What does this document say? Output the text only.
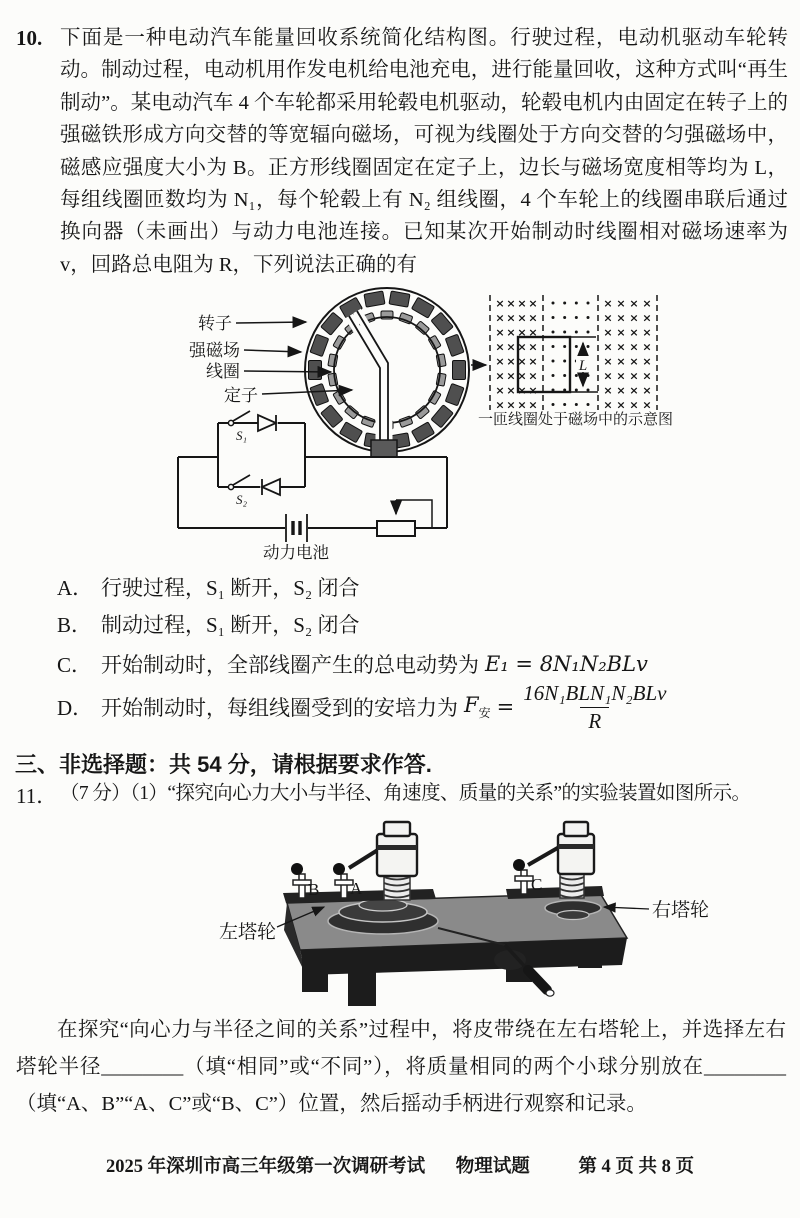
10. 下面是一种电动汽车能量回收系统简化结构图。行驶过程，电动机驱动车轮转动。制动过程，电动机用作发电机给电池充电，进行能量回收，这种方式叫“再生制动”。某电动汽车 4 个车轮都采用轮毂电机驱动，轮毂电机内由固定在转子上的强磁铁形成方向交替的等宽辐向磁场，可视为线圈处于方向交替的匀强磁场中，磁感应强度大小为 B。正方形线圈固定在定子上，边长与磁场宽度相等均为 L，每组线圈匝数均为 N₁，每个轮毂上有 N₂ 组线圈，4 个车轮上的线圈串联后通过换向器（未画出）与动力电池连接。已知某次开始制动时线圈相对磁场速率为 v，回路总电阻为 R，下列说法正确的有
转子
强磁场
线圈
定子
×
×
×
×
×
×
×
×
×
×
×
×
×
×
×
×
×
×
×
×
×
×
×
×
×
×
×
×
×
×
×
×
×
×
×
×
×
×
×
×
×
×
×
×
×
×
×
×
×
×
×
×
×
×
×
×
×
×
×
×
×
×
×
×
L
一匝线圈处于磁场中的示意图
S₁
S₂
动力电池
A． 行驶过程，S₁ 断开，S₂ 闭合
B． 制动过程，S₁ 断开，S₂ 闭合
C． 开始制动时，全部线圈产生的总电动势为 E₁ = 8N₁N₂BLv
D． 开始制动时，每组线圈受到的安培力为 $F_安 = \frac{\text{16N₁BLN₁N₂BLv}}{R}$
三、非选择题：共 54 分，请根据要求作答.
11． （7 分）（1）“探究向心力大小与半径、角速度、质量的关系”的实验装置如图所示。
B A	C
左塔轮
右塔轮
在探究“向心力与半径之间的关系”过程中，将皮带绕在左右塔轮上，并选择左右塔轮半径________（填“相同”或“不同”），将质量相同的两个小球分别放在________（填“A、B”“A、C”或“B、C”）位置，然后摇动手柄进行观察和记录。
2025 年深圳市高三年级第一次调研考试 物理试题	第 4 页 共 8 页
